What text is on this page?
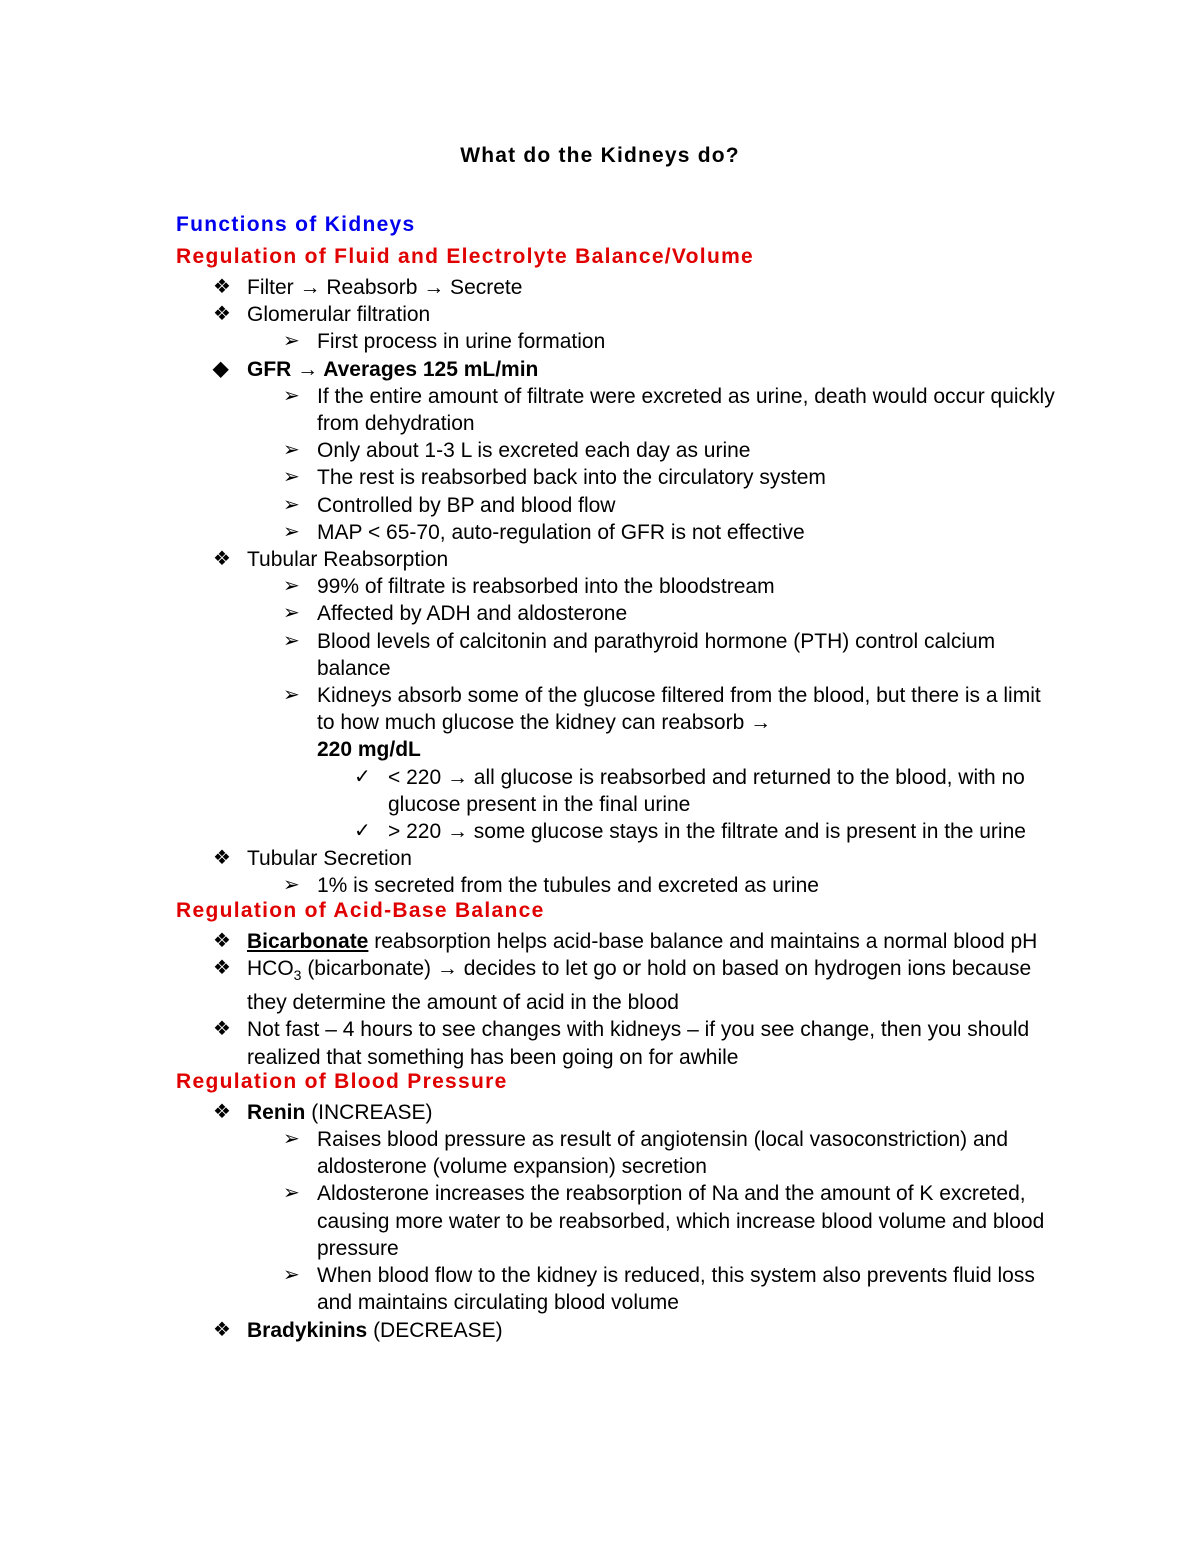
What do the Kidneys do?
Functions of Kidneys
Regulation of Fluid and Electrolyte Balance/Volume
❖ Filter → Reabsorb → Secrete
❖ Glomerular filtration
➢ First process in urine formation
◆ GFR → Averages 125 mL/min
➢ If the entire amount of filtrate were excreted as urine, death would occur quickly from dehydration
➢ Only about 1-3 L is excreted each day as urine
➢ The rest is reabsorbed back into the circulatory system
➢ Controlled by BP and blood flow
➢ MAP < 65-70, auto-regulation of GFR is not effective
❖ Tubular Reabsorption
➢ 99% of filtrate is reabsorbed into the bloodstream
➢ Affected by ADH and aldosterone
➢ Blood levels of calcitonin and parathyroid hormone (PTH) control calcium balance
➢ Kidneys absorb some of the glucose filtered from the blood, but there is a limit to how much glucose the kidney can reabsorb →
220 mg/dL
✓ < 220 → all glucose is reabsorbed and returned to the blood, with no glucose present in the final urine
✓ > 220 → some glucose stays in the filtrate and is present in the urine
❖ Tubular Secretion
➢ 1% is secreted from the tubules and excreted as urine
Regulation of Acid-Base Balance
❖ Bicarbonate reabsorption helps acid-base balance and maintains a normal blood pH
❖ $HCO_3$ (bicarbonate) → decides to let go or hold on based on hydrogen ions because they determine the amount of acid in the blood
❖ Not fast – 4 hours to see changes with kidneys – if you see change, then you should realized that something has been going on for awhile
Regulation of Blood Pressure
❖ Renin (INCREASE)
➢ Raises blood pressure as result of angiotensin (local vasoconstriction) and aldosterone (volume expansion) secretion
➢ Aldosterone increases the reabsorption of Na and the amount of K excreted, causing more water to be reabsorbed, which increase blood volume and blood pressure
➢ When blood flow to the kidney is reduced, this system also prevents fluid loss and maintains circulating blood volume
❖ Bradykinins (DECREASE)
